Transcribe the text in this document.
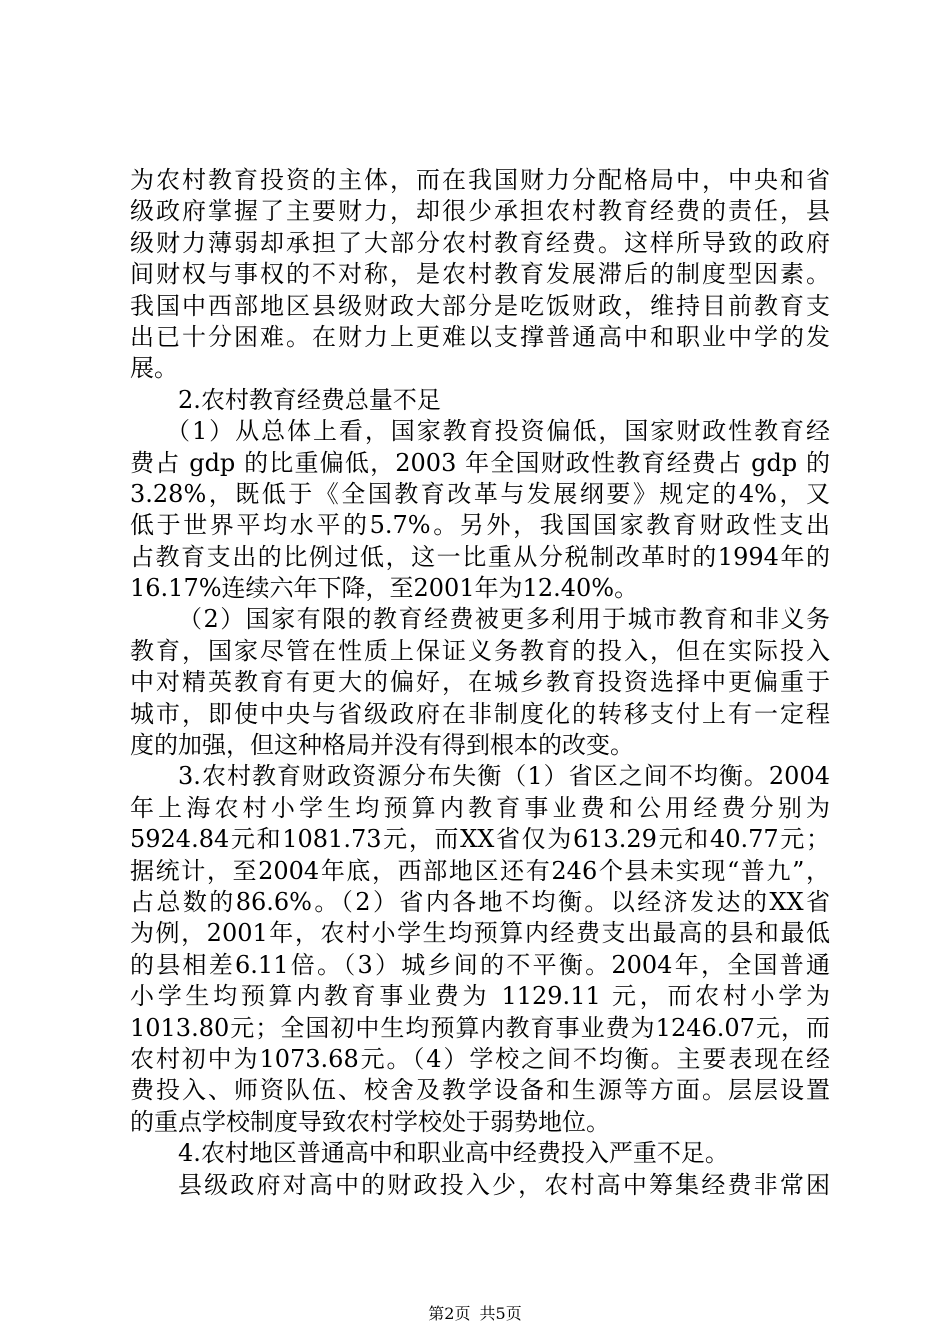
为农村教育投资的主体，而在我国财力分配格局中，中央和省
级政府掌握了主要财力，却很少承担农村教育经费的责任，县
级财力薄弱却承担了大部分农村教育经费。这样所导致的政府
间财权与事权的不对称，是农村教育发展滞后的制度型因素。
我国中西部地区县级财政大部分是吃饭财政，维持目前教育支
出已十分困难。在财力上更难以支撑普通高中和职业中学的发
展。
2.农村教育经费总量不足
（1）从总体上看，国家教育投资偏低，国家财政性教育经
费占 gdp 的比重偏低，2003 年全国财政性教育经费占 gdp 的
3.28%，既低于《全国教育改革与发展纲要》规定的4%，又
低于世界平均水平的5.7%。另外，我国国家教育财政性支出
占教育支出的比例过低，这一比重从分税制改革时的1994年的
16.17%连续六年下降，至2001年为12.40%。
（2）国家有限的教育经费被更多利用于城市教育和非义务
教育，国家尽管在性质上保证义务教育的投入，但在实际投入
中对精英教育有更大的偏好，在城乡教育投资选择中更偏重于
城市，即使中央与省级政府在非制度化的转移支付上有一定程
度的加强，但这种格局并没有得到根本的改变。
3.农村教育财政资源分布失衡（1）省区之间不均衡。2004
年上海农村小学生均预算内教育事业费和公用经费分别为
5924.84元和1081.73元，而XX省仅为613.29元和40.77元；
据统计，至2004年底，西部地区还有246个县未实现“普九”，
占总数的86.6%。（2）省内各地不均衡。以经济发达的XX省
为例，2001年，农村小学生均预算内经费支出最高的县和最低
的县相差6.11倍。（3）城乡间的不平衡。2004年，全国普通
小学生均预算内教育事业费为 1129.11 元，而农村小学为
1013.80元；全国初中生均预算内教育事业费为1246.07元，而
农村初中为1073.68元。（4）学校之间不均衡。主要表现在经
费投入、师资队伍、校舍及教学设备和生源等方面。层层设置
的重点学校制度导致农村学校处于弱势地位。
4.农村地区普通高中和职业高中经费投入严重不足。
县级政府对高中的财政投入少，农村高中筹集经费非常困
第2页 共5页
